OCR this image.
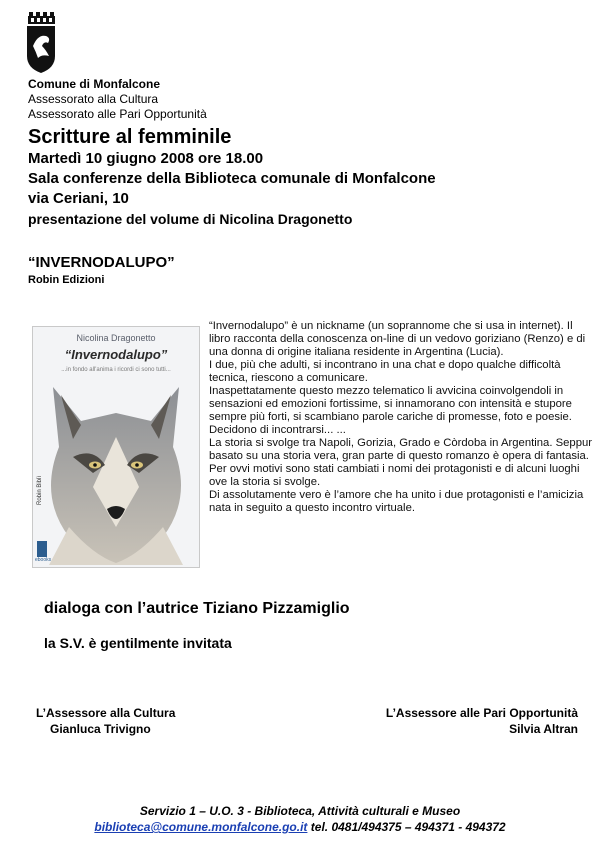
Comune di Monfalcone
Assessorato alla Cultura
Assessorato alle Pari Opportunità
Scritture al femminile
Martedì 10 giugno 2008 ore 18.00
Sala conferenze della Biblioteca comunale di Monfalcone
via Ceriani, 10
presentazione del volume di Nicolina Dragonetto
“INVERNODALUPO”
Robin Edizioni
Nicolina Dragonetto
“Invernodalupo”
...in fondo all'anima i ricordi ci sono tutti...
Robin Biblì
ebooks

“Invernodalupo” è un nickname (un soprannome che si usa in internet). Il libro racconta della conoscenza on-line di un vedovo goriziano (Renzo) e di una donna di origine italiana residente in Argentina (Lucia).

I due, più che adulti, si incontrano in una chat e dopo qualche difficoltà tecnica, riescono a comunicare.

Inaspettatamente questo mezzo telematico li avvicina coinvolgendoli in sensazioni ed emozioni fortissime, si innamorano con intensità e stupore sempre più forti, si scambiano parole cariche di promesse, foto e poesie. Decidono di incontrarsi... ...

La storia si svolge tra Napoli, Gorizia, Grado e Còrdoba in Argentina. Seppur basato su una storia vera, gran parte di questo romanzo è opera di fantasia.

Per ovvi motivi sono stati cambiati i nomi dei protagonisti e di alcuni luoghi ove la storia si svolge.

Di assolutamente vero è l’amore che ha unito i due protagonisti e l’amicizia nata in seguito a questo incontro virtuale.

dialoga con l’autrice Tiziano Pizzamiglio
la S.V. è gentilmente invitata
L’Assessore alla Cultura
Gianluca Trivigno
L’Assessore alle Pari Opportunità
Silvia Altran
Servizio 1 – U.O. 3 - Biblioteca, Attività culturali e Museo
biblioteca@comune.monfalcone.go.it tel. 0481/494375 – 494371 - 494372
